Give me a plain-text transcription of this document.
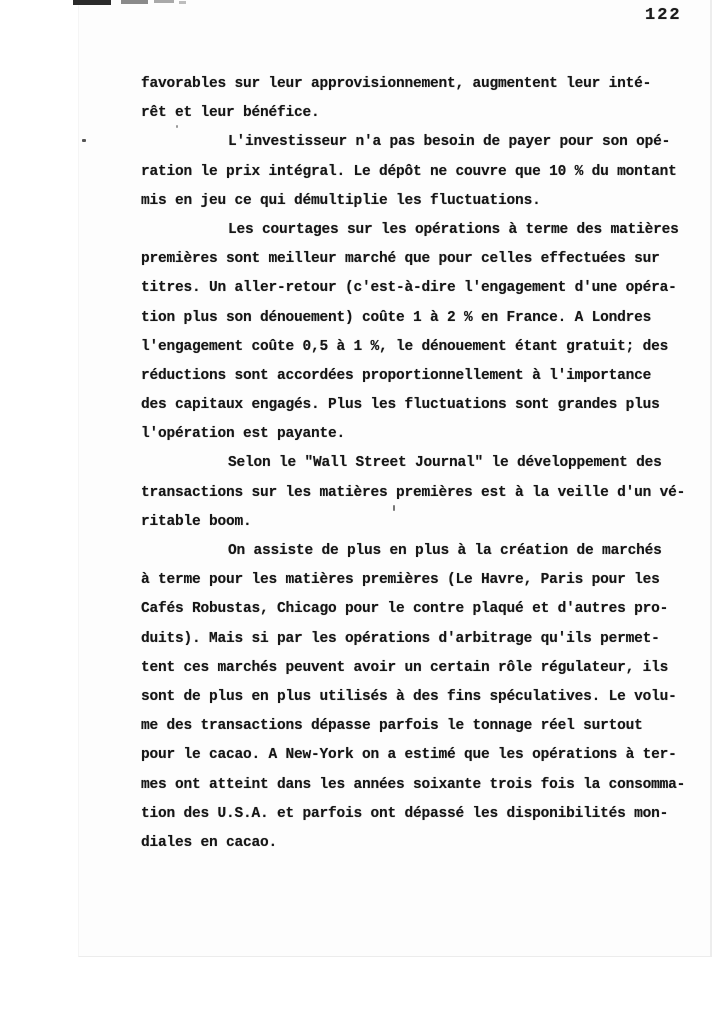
122
favorables sur leur approvisionnement, augmentent leur inté-
rêt et leur bénéfice.
L'investisseur n'a pas besoin de payer pour son opé-
ration le prix intégral. Le dépôt ne couvre que 10 % du montant
mis en jeu ce qui démultiplie les fluctuations.
Les courtages sur les opérations à terme des matières
premières sont meilleur marché que pour celles effectuées sur
titres. Un aller-retour (c'est-à-dire l'engagement d'une opéra-
tion plus son dénouement) coûte 1 à 2 % en France. A Londres
l'engagement coûte 0,5 à 1 %, le dénouement étant gratuit; des
réductions sont accordées proportionnellement à l'importance
des capitaux engagés. Plus les fluctuations sont grandes plus
l'opération est payante.
Selon le "Wall Street Journal" le développement des
transactions sur les matières premières est à la veille d'un vé-
ritable boom.
On assiste de plus en plus à la création de marchés
à terme pour les matières premières (Le Havre, Paris pour les
Cafés Robustas, Chicago pour le contre plaqué et d'autres pro-
duits). Mais si par les opérations d'arbitrage qu'ils permet-
tent ces marchés peuvent avoir un certain rôle régulateur, ils
sont de plus en plus utilisés à des fins spéculatives. Le volu-
me des transactions dépasse parfois le tonnage réel surtout
pour le cacao. A New-York on a estimé que les opérations à ter-
mes ont atteint dans les années soixante trois fois la consomma-
tion des U.S.A. et parfois ont dépassé les disponibilités mon-
diales en cacao.
